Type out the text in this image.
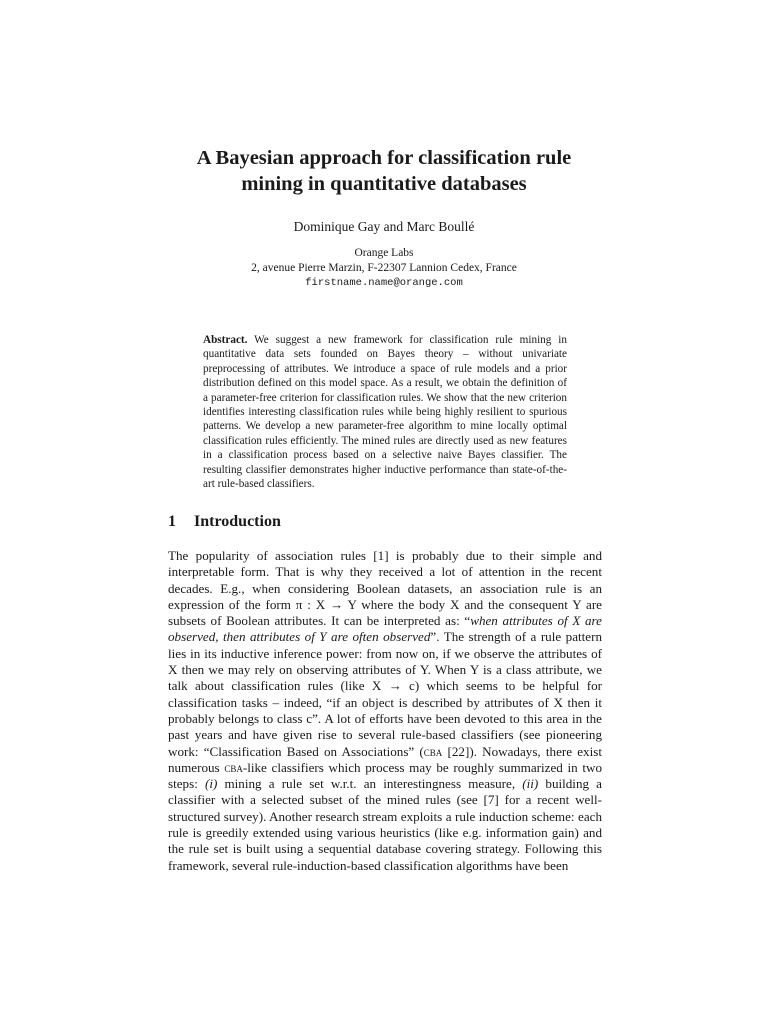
A Bayesian approach for classification rule
mining in quantitative databases

Dominique Gay and Marc Boullé

Orange Labs
2, avenue Pierre Marzin, F-22307 Lannion Cedex, France
firstname.name@orange.com

Abstract. We suggest a new framework for classification rule mining in quantitative data sets founded on Bayes theory – without univariate preprocessing of attributes. We introduce a space of rule models and a prior distribution defined on this model space. As a result, we obtain the definition of a parameter-free criterion for classification rules. We show that the new criterion identifies interesting classification rules while being highly resilient to spurious patterns. We develop a new parameter-free algorithm to mine locally optimal classification rules efficiently. The mined rules are directly used as new features in a classification process based on a selective naive Bayes classifier. The resulting classifier demonstrates higher inductive performance than state-of-the-art rule-based classifiers.

1 Introduction

The popularity of association rules [1] is probably due to their simple and interpretable form. That is why they received a lot of attention in the recent decades. E.g., when considering Boolean datasets, an association rule is an expression of the form π : X → Y where the body X and the consequent Y are subsets of Boolean attributes. It can be interpreted as: “when attributes of X are observed, then attributes of Y are often observed”. The strength of a rule pattern lies in its inductive inference power: from now on, if we observe the attributes of X then we may rely on observing attributes of Y. When Y is a class attribute, we talk about classification rules (like X → c) which seems to be helpful for classification tasks – indeed, “if an object is described by attributes of X then it probably belongs to class c”. A lot of efforts have been devoted to this area in the past years and have given rise to several rule-based classifiers (see pioneering work: “Classification Based on Associations” (cba [22]). Nowadays, there exist numerous cba-like classifiers which process may be roughly summarized in two steps: (i) mining a rule set w.r.t. an interestingness measure, (ii) building a classifier with a selected subset of the mined rules (see [7] for a recent well-structured survey). Another research stream exploits a rule induction scheme: each rule is greedily extended using various heuristics (like e.g. information gain) and the rule set is built using a sequential database covering strategy. Following this framework, several rule-induction-based classification algorithms have been
